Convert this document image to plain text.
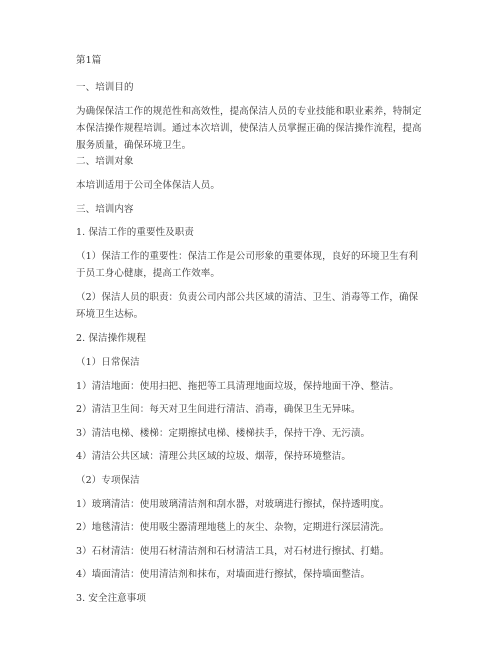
第1篇
一、培训目的
为确保保洁工作的规范性和高效性，提高保洁人员的专业技能和职业素养，特制定
本保洁操作规程培训。通过本次培训，使保洁人员掌握正确的保洁操作流程，提高
服务质量，确保环境卫生。
二、培训对象
本培训适用于公司全体保洁人员。
三、培训内容
1. 保洁工作的重要性及职责
（1）保洁工作的重要性：保洁工作是公司形象的重要体现，良好的环境卫生有利
于员工身心健康，提高工作效率。
（2）保洁人员的职责：负责公司内部公共区域的清洁、卫生、消毒等工作，确保
环境卫生达标。
2. 保洁操作规程
（1）日常保洁
1）清洁地面：使用扫把、拖把等工具清理地面垃圾，保持地面干净、整洁。
2）清洁卫生间：每天对卫生间进行清洁、消毒，确保卫生无异味。
3）清洁电梯、楼梯：定期擦拭电梯、楼梯扶手，保持干净、无污渍。
4）清洁公共区域：清理公共区域的垃圾、烟蒂，保持环境整洁。
（2）专项保洁
1）玻璃清洁：使用玻璃清洁剂和刮水器，对玻璃进行擦拭，保持透明度。
2）地毯清洁：使用吸尘器清理地毯上的灰尘、杂物，定期进行深层清洗。
3）石材清洁：使用石材清洁剂和石材清洁工具，对石材进行擦拭、打蜡。
4）墙面清洁：使用清洁剂和抹布，对墙面进行擦拭，保持墙面整洁。
3. 安全注意事项
